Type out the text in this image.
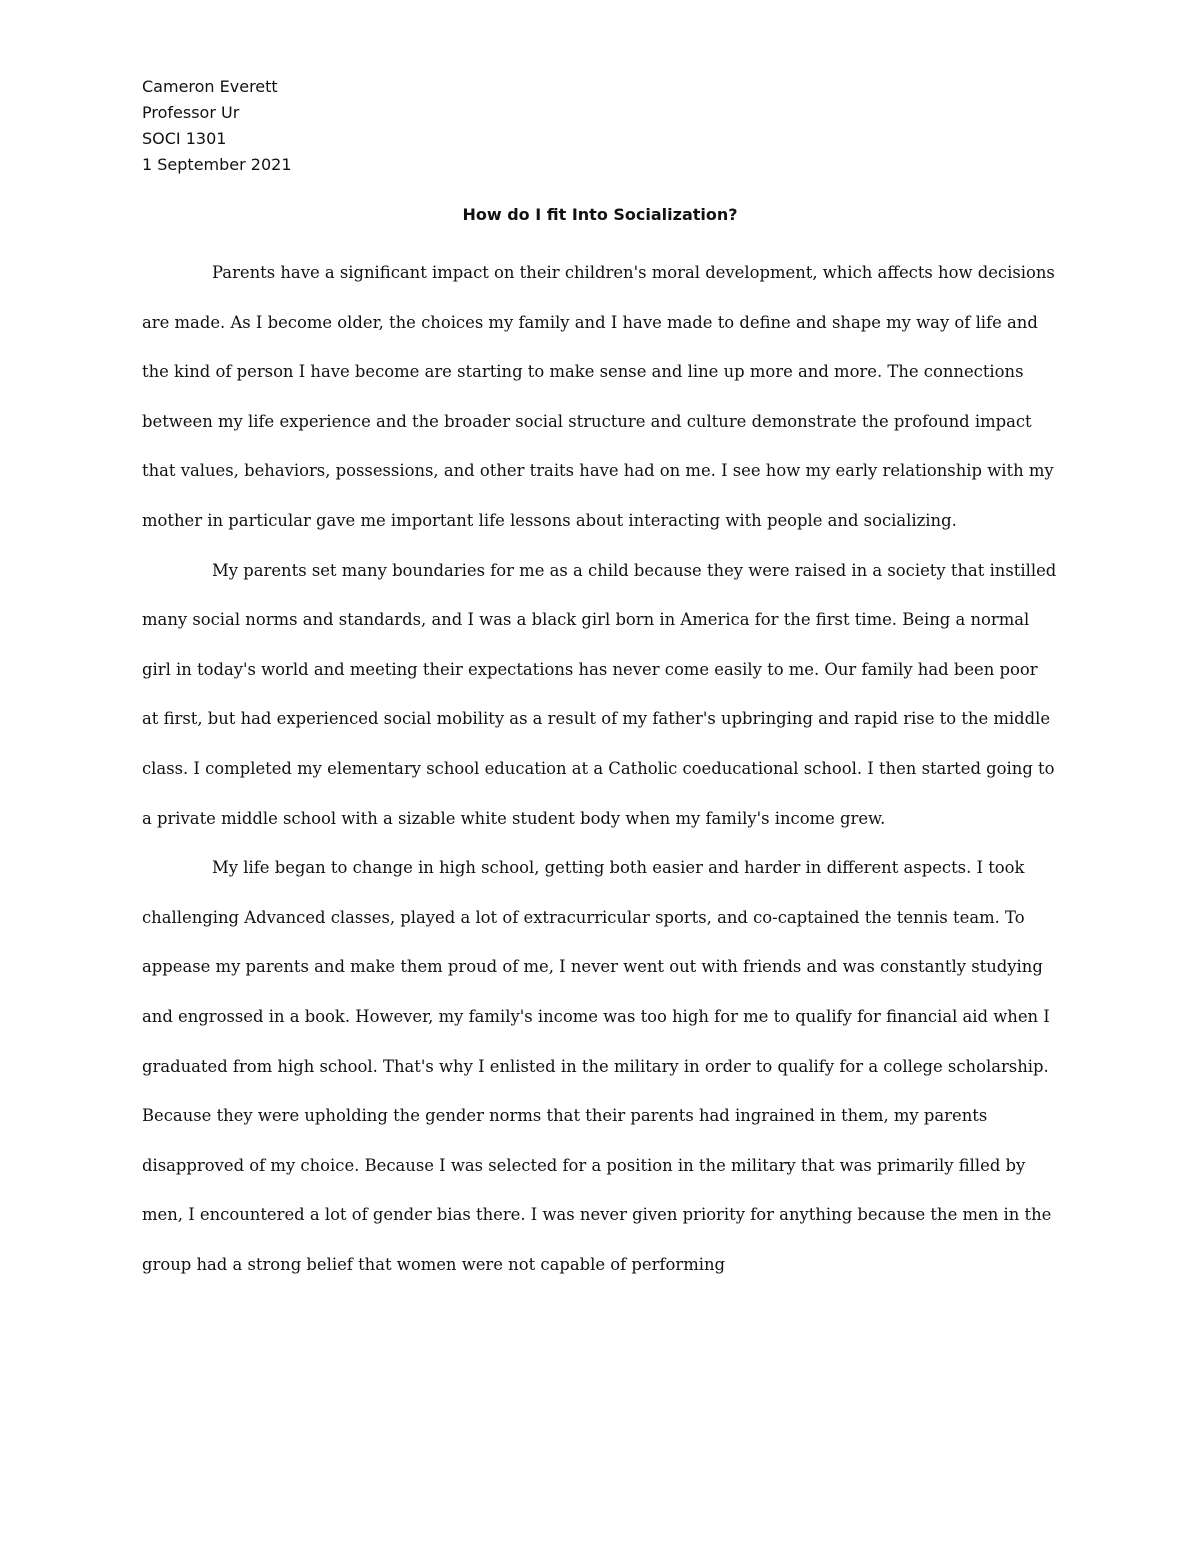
Cameron Everett
Professor Ur
SOCI 1301
1 September 2021
How do I fit Into Socialization?

Parents have a significant impact on their children's moral development, which affects how decisions are made. As I become older, the choices my family and I have made to define and shape my way of life and the kind of person I have become are starting to make sense and line up more and more. The connections between my life experience and the broader social structure and culture demonstrate the profound impact that values, behaviors, possessions, and other traits have had on me. I see how my early relationship with my mother in particular gave me important life lessons about interacting with people and socializing.

My parents set many boundaries for me as a child because they were raised in a society that instilled many social norms and standards, and I was a black girl born in America for the first time. Being a normal girl in today's world and meeting their expectations has never come easily to me. Our family had been poor at first, but had experienced social mobility as a result of my father's upbringing and rapid rise to the middle class. I completed my elementary school education at a Catholic coeducational school. I then started going to a private middle school with a sizable white student body when my family's income grew.

My life began to change in high school, getting both easier and harder in different aspects. I took challenging Advanced classes, played a lot of extracurricular sports, and co-captained the tennis team. To appease my parents and make them proud of me, I never went out with friends and was constantly studying and engrossed in a book. However, my family's income was too high for me to qualify for financial aid when I graduated from high school. That's why I enlisted in the military in order to qualify for a college scholarship. Because they were upholding the gender norms that their parents had ingrained in them, my parents disapproved of my choice. Because I was selected for a position in the military that was primarily filled by men, I encountered a lot of gender bias there. I was never given priority for anything because the men in the group had a strong belief that women were not capable of performing
